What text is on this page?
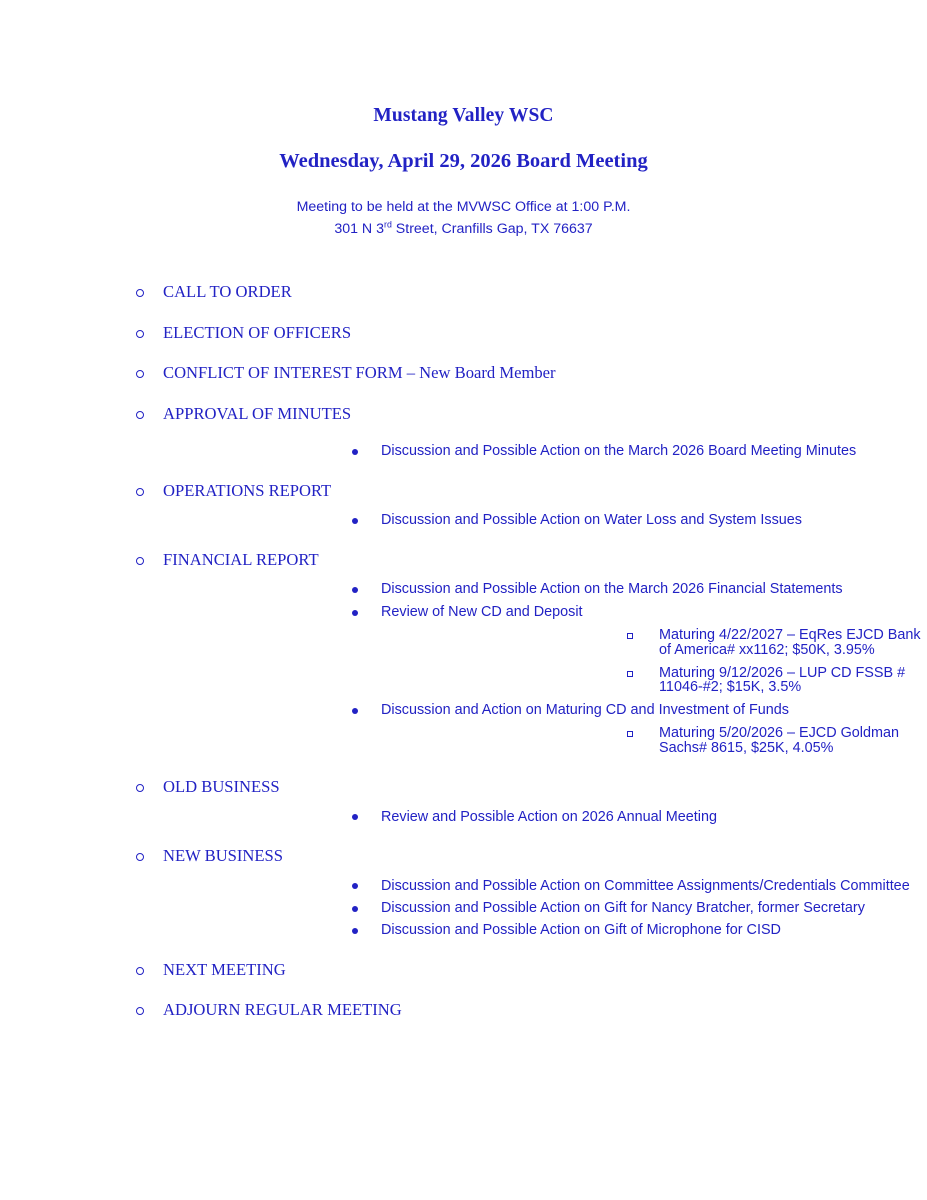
Mustang Valley WSC
Wednesday, April 29, 2026 Board Meeting
Meeting to be held at the MVWSC Office at 1:00 P.M.
301 N 3rd Street, Cranfills Gap, TX 76637
CALL TO ORDER
ELECTION OF OFFICERS
CONFLICT OF INTEREST FORM – New Board Member
APPROVAL OF MINUTES
Discussion and Possible Action on the March 2026 Board Meeting Minutes
OPERATIONS REPORT
Discussion and Possible Action on Water Loss and System Issues
FINANCIAL REPORT
Discussion and Possible Action on the March 2026 Financial Statements
Review of New CD and Deposit
Maturing 4/22/2027 – EqRes EJCD Bank of America# xx1162; $50K, 3.95%
Maturing 9/12/2026 – LUP CD FSSB # 11046-#2; $15K, 3.5%
Discussion and Action on Maturing CD and Investment of Funds
Maturing 5/20/2026 – EJCD Goldman Sachs# 8615, $25K, 4.05%
OLD BUSINESS
Review and Possible Action on 2026 Annual Meeting
NEW BUSINESS
Discussion and Possible Action on Committee Assignments/Credentials Committee
Discussion and Possible Action on Gift for Nancy Bratcher, former Secretary
Discussion and Possible Action on Gift of Microphone for CISD
NEXT MEETING
ADJOURN REGULAR MEETING
